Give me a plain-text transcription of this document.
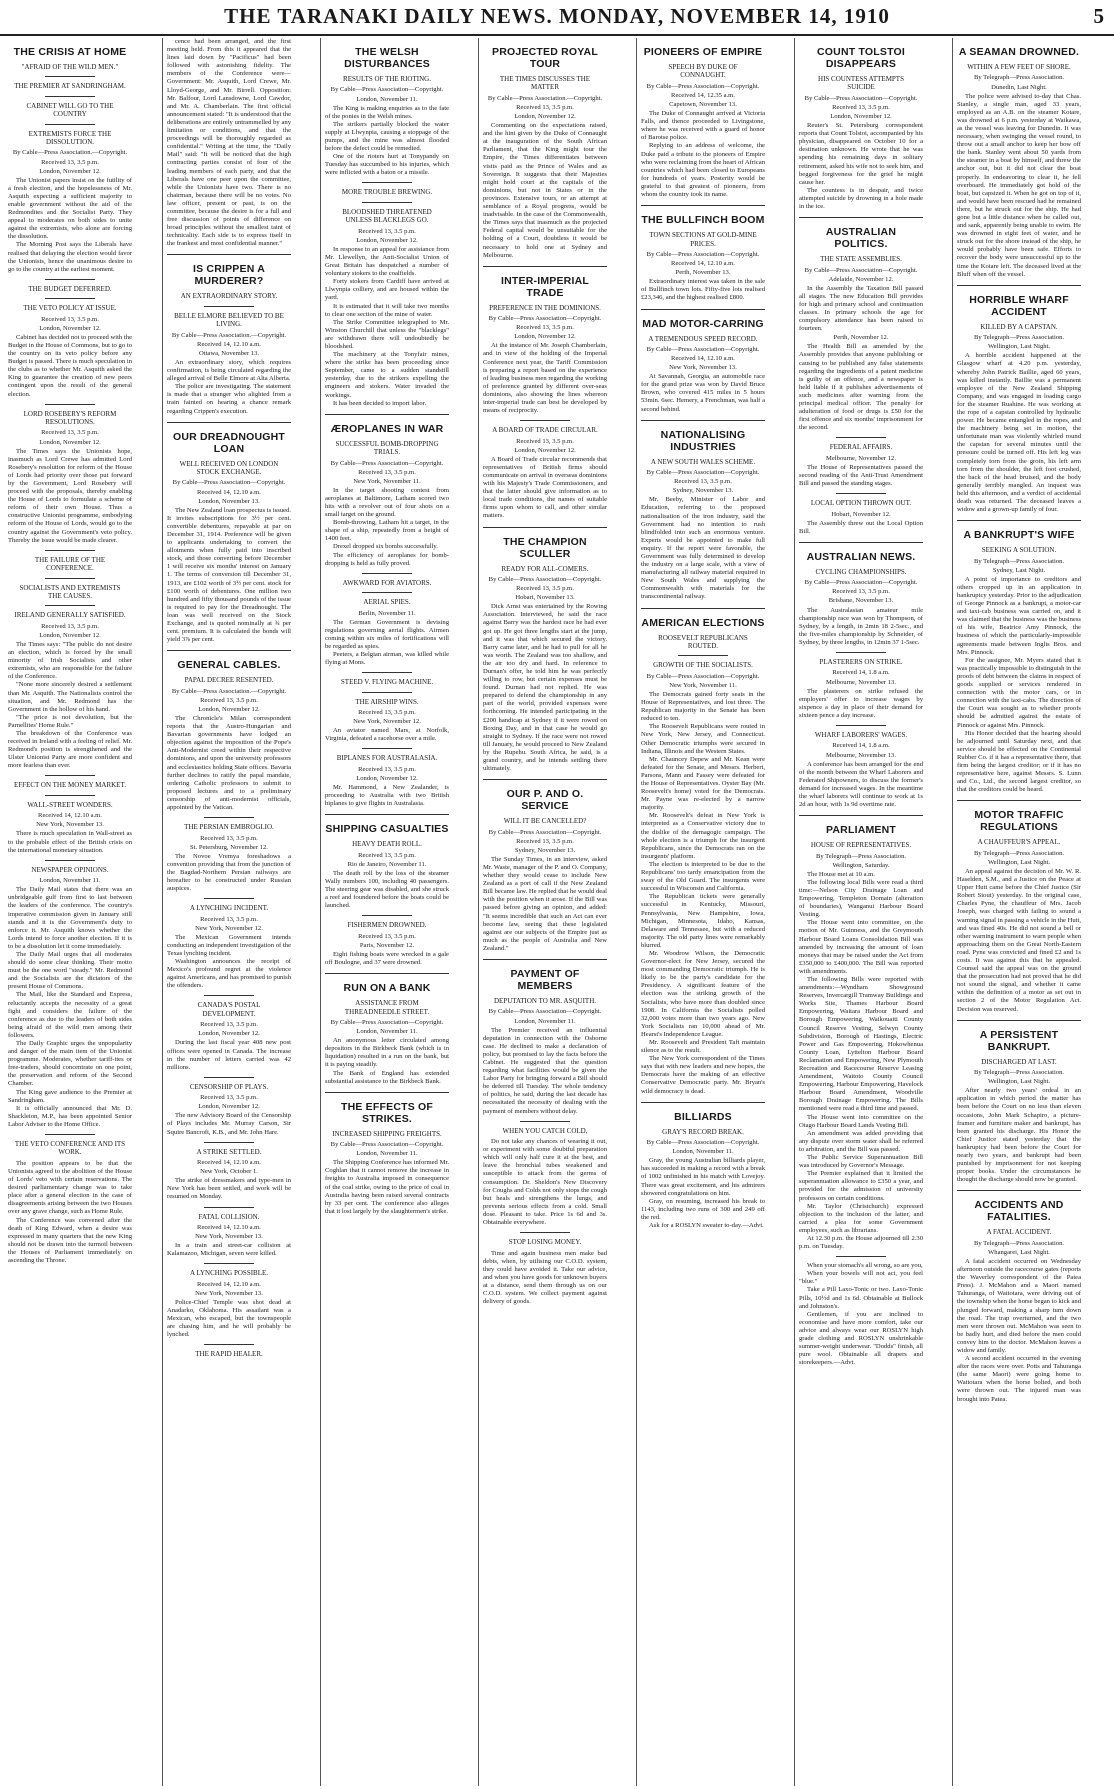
THE TARANAKI DAILY NEWS. MONDAY, NOVEMBER 14, 1910	5
THE CRISIS AT HOME
"AFRAID OF THE WILD MEN."
THE PREMIER AT SANDRINGHAM.
CABINET WILL GO TO THE COUNTRY
EXTREMISTS FORCE THE DISSOLUTION.
By Cable—Press Association.—Copyright.
Received 13, 3.5 p.m.
London, November 12.
The Unionist papers insist on the futility of a fresh election, and the hopelessness of Mr. Asquith expecting a sufficient majority to enable government without the aid of the Redmondites and the Socialist Party. They appeal to moderates on both sides to unite against the extremists, who alone are forcing the dissolution.
The Morning Post says the Liberals have realised that delaying the election would favor the Unionists, hence the unanimous desire to go to the country at the earliest moment.
THE BUDGET DEFERRED.
THE VETO POLICY AT ISSUE.
Received 13, 3.5 p.m.
London, November 12.
Cabinet has decided not to proceed with the Budget in the House of Commons, but to go to the country on its veto policy before any Budget is passed. There is much speculation in the clubs as to whether Mr. Asquith asked the King to guarantee the creation of new peers contingent upon the result of the general election.
LORD ROSEBERY'S REFORM RESOLUTIONS.
Received 13, 3.5 p.m.
London, November 12.
The Times says the Unionists hope, inasmuch as Lord Crewe has admitted Lord Rosebery's resolution for reform of the House of Lords had priority over those put forward by the Government, Lord Rosebery will proceed with the proposals, thereby enabling the House of Lords to formulate a scheme of reform of their own House. Thus a constructive Unionist programme, embodying reform of the House of Lords, would go to the country against the Government's veto policy. Thereby the issue would be made clearer.
THE FAILURE OF THE CONFERENCE.
SOCIALISTS AND EXTREMISTS THE CAUSES.
IRELAND GENERALLY SATISFIED.
Received 13, 3.5 p.m.
London, November 12.
The Times says: "The public do not desire an election, which is forced by the small minority of Irish Socialists and other extremists, who are responsible for the failure of the Conference.
"None more sincerely desired a settlement than Mr. Asquith. The Nationalists control the situation, and Mr. Redmond has the Government in the hollow of his hand.
"The price is not devolution, but the Parnellites' Home Rule."
The breakdown of the Conference was received in Ireland with a feeling of relief. Mr. Redmond's position is strengthened and the Ulster Unionist Party are more confident and more fearless than ever.
EFFECT ON THE MONEY MARKET.
WALL-STREET WONDERS.
Received 14, 12.10 a.m.
New York, November 13.
There is much speculation in Wall-street as to the probable effect of the British crisis on the international monetary situation.
NEWSPAPER OPINIONS.
London, November 11.
The Daily Mail states that there was an unbridgeable gulf from first to last between the leaders of the conference. The country's imperative commission given in January still stands and it is the Government's duty to enforce it. Mr. Asquith knows whether the Lords intend to force another election. If it is to be a dissolution let it come immediately.
The Daily Mail urges that all moderates should do some clear thinking. Their motto must be the one word "steady." Mr. Redmond and the Socialists are the dictators of the present House of Commons.
The Mail, like the Standard and Express, reluctantly accepts the necessity of a great fight and considers the failure of the conference as due to the leaders of both sides being afraid of the wild men among their followers.
The Daily Graphic urges the unpopularity and danger of the main item of the Unionist programme. Moderates, whether tariff-ites or free-traders, should concentrate on one point, the preservation and reform of the Second Chamber.
The King gave audience to the Premier at Sandringham.
It is officially announced that Mr. D. Shackleton, M.P., has been appointed Senior Labor Adviser to the Home Office.
THE VETO CONFERENCE AND ITS WORK.
The position appears to be that the Unionists agreed to the abolition of the House of Lords' veto with certain reservations. The desired parliamentary change was to take place after a general election in the case of disagreements arising between the two Houses over any grave change, such as Home Rule.
The Conference was convened after the death of King Edward, when a desire was expressed in many quarters that the new King should not be drawn into the turmoil between the Houses of Parliament immediately on ascending the Throne.
cence had been arranged, and the first meeting held. From this it appeared that the lines laid down by "Pacificus" had been followed with astonishing fidelity. The members of the Conference were—Government: Mr. Asquith, Lord Crewe, Mr. Lloyd-George, and Mr. Birrell. Opposition: Mr. Balfour, Lord Lansdowne, Lord Cawdor, and Mr. A. Chamberlain. The first official announcement stated: "It is understood that the deliberations are entirely untrammelled by any limitation or conditions, and that the proceedings will be thoroughly regarded as confidential." Writing at the time, the "Daily Mail" said: "It will be noticed that the high contracting parties consist of four of the leading members of each party, and that the Liberals have one peer upon the committee, while the Unionists have two. There is no chairman, because there will be no votes. No law officer, present or past, is on the committee, because the desire is for a full and free discussion of points of difference on broad principles without the smallest taint of technicality. Each side is to express itself in the frankest and most confidential manner."
IS CRIPPEN A MURDERER?
AN EXTRAORDINARY STORY.
BELLE ELMORE BELIEVED TO BE LIVING.
By Cable—Press Association.—Copyright.
Received 14, 12.10 a.m.
Ottawa, November 13.
An extraordinary story, which requires confirmation, is being circulated regarding the alleged arrival of Belle Elmore at Alta Alberta.
The police are investigating. The statement is made that a stranger who alighted from a train fainted on hearing a chance remark regarding Crippen's execution.
OUR DREADNOUGHT LOAN
WELL RECEIVED ON LONDON STOCK EXCHANGE.
By Cable—Press Association—Copyright.
Received 14, 12.10 a.m.
London, November 13.
The New Zealand loan prospectus is issued. It invites subscriptions for 3½ per cent. convertible debentures, repayable at par on December 31, 1914. Preference will be given to applicants undertaking to convert the allotments when fully paid into inscribed stock, and those converting before December 1 will receive six months' interest on January 1. The terms of conversion till December 31, 1913, are £102 worth of 3½ per cent. stock for £100 worth of debentures. One million two hundred and fifty thousand pounds of the issue is required to pay for the Dreadnought. The loan was well received on the Stock Exchange, and is quoted nominally at ¾ per cent. premium. It is calculated the bonds will yield 3⅞ per cent.
GENERAL CABLES.
PAPAL DECREE RESENTED.
By Cable—Press Association.—Copyright.
Received 13, 3.5 p.m.
London, November 12.
The Chronicle's Milan correspondent reports that the Austro-Hungarian and Bavarian governments have lodged an objection against the imposition of the Pope's Anti-Modernist creed within their respective dominions, and upon the university professors and ecclesiastics holding State offices. Bavaria further declines to ratify the papal mandate, ordering Catholic professors to submit to proposed lectures and to a preliminary censorship of anti-modernist officials, appointed by the Vatican.
THE PERSIAN EMBROGLIO.
Received 13, 3.5 p.m.
St. Petersburg, November 12.
The Novoe Vremya foreshadows a convention providing that from the junction of the Bagdad-Northern Persian railways are hereafter to be constructed under Russian auspices.
A LYNCHING INCIDENT.
Received 13, 3.5 p.m.
New York, November 12.
The Mexican Government intends conducting an independent investigation of the Texas lynching incident.
Washington announces the receipt of Mexico's profound regret at the violence against Americans, and has promised to punish the offenders.
CANADA'S POSTAL DEVELOPMENT.
Received 13, 3.5 p.m.
London, November 12.
During the last fiscal year 408 new post offices were opened in Canada. The increase in the number of letters carried was 42 millions.
CENSORSHIP OF PLAYS.
Received 13, 3.5 p.m.
London, November 12.
The new Advisory Board of the Censorship of Plays includes Mr. Murray Carson, Sir Squire Bancroft, K.B., and Mr. John Hare.
A STRIKE SETTLED.
Received 14, 12.10 a.m.
New York, October 1.
The strike of dressmakers and type-men in New York has been settled, and work will be resumed on Monday.
FATAL COLLISION.
Received 14, 12.10 a.m.
New York, November 13.
In a train and street-car collision at Kalamazoo, Michigan, seven were killed.
A LYNCHING POSSIBLE.
Received 14, 12.10 a.m.
New York, November 13.
Police-Chief Temple was shot dead at Anadarko, Oklahoma. His assailant was a Mexican, who escaped, but the townspeople are chasing him, and he will probably be lynched.
THE RAPID HEALER.
THE WELSH DISTURBANCES
RESULTS OF THE RIOTING.
By Cable—Press Association—Copyright.
London, November 11.
The King is making enquiries as to the fate of the ponies in the Welsh mines.
The strikers partially blocked the water supply at Llwynpia, causing a stoppage of the pumps, and the mine was almost flooded before the defect could be remedied.
One of the rioters hurt at Tonypandy on Tuesday has succumbed to his injuries, which were inflicted with a baton or a missile.
MORE TROUBLE BREWING.
BLOODSHED THREATENED UNLESS BLACKLEGS GO.
Received 13, 3.5 p.m.
London, November 12.
In response to an appeal for assistance from Mr. Llewellyn, the Anti-Socialist Union of Great Britain has despatched a number of voluntary stokers to the coalfields.
Forty stokers from Cardiff have arrived at Llwynpia colliery, and are housed within the yard.
It is estimated that it will take two months to clear one section of the mine of water.
The Strike Committee telegraphed to Mr. Winston Churchill that unless the "blacklegs" are withdrawn there will undoubtedly be bloodshed.
The machinery at the Tonyfair mines, where the strike has been proceeding since September, came to a sudden standstill yesterday, due to the strikers expelling the engineers and stokers. Water invaded the workings.
It has been decided to import labor.
ÆROPLANES IN WAR
SUCCESSFUL BOMB-DROPPING TRIALS.
By Cable—Press Association—Copyright.
Received 13, 3.5 p.m.
New York, November 11.
In the target shooting contest from aeroplanes at Baltimore, Latham scored two hits with a revolver out of four shots on a small target on the ground.
Bomb-throwing, Latham hit a target, in the shape of a ship, repeatedly from a height of 1400 feet.
Drexel dropped six bombs successfully.
The efficiency of aeroplanes for bomb-dropping is held as fully proved.
AWKWARD FOR AVIATORS.
AERIAL SPIES.
Berlin, November 11.
The German Government is devising regulations governing aerial flights. Airmen coming within six miles of fortifications will be regarded as spies.
Peeters, a Belgian airman, was killed while flying at Mons.
STEED V. FLYING MACHINE.
THE AIRSHIP WINS.
Received 13, 3.5 p.m.
New York, November 12.
An aviator named Mars, at Norfolk, Virginia, defeated a racehorse over a mile.
BIPLANES FOR AUSTRALASIA.
Received 13, 3.5 p.m.
London, November 12.
Mr. Hammond, a New Zealander, is proceeding to Australia with two British biplanes to give flights in Australasia.
SHIPPING CASUALTIES
HEAVY DEATH ROLL.
Received 13, 3.5 p.m.
Rio de Janeiro, November 11.
The death roll by the loss of the steamer Wally numbers 100, including 40 passengers. The steering gear was disabled, and she struck a reef and foundered before the boats could be launched.
FISHERMEN DROWNED.
Received 13, 3.5 p.m.
Paris, November 12.
Eight fishing boats were wrecked in a gale off Boulogne, and 37 were drowned.
RUN ON A BANK
ASSISTANCE FROM THREADNEEDLE STREET.
By Cable—Press Association—Copyright.
London, November 11.
An anonymous letter circulated among depositors in the Birkbeck Bank (which is in liquidation) resulted in a run on the bank, but it is paying steadily.
The Bank of England has extended substantial assistance to the Birkbeck Bank.
THE EFFECTS OF STRIKES.
INCREASED SHIPPING FREIGHTS.
By Cable—Press Association—Copyright.
London, November 11.
The Shipping Conference has informed Mr. Coghlan that it cannot remove the increase in freights to Australia imposed in consequence of the coal strike, owing to the price of coal in Australia having been raised several contracts by 33 per cent. The conference also alleges that it lost largely by the slaughtermen's strike.
PROJECTED ROYAL TOUR
THE TIMES DISCUSSES THE MATTER
By Cable—Press Association.—Copyright.
Received 13, 3.5 p.m.
London, November 12.
Commenting on the expectations raised, and the hint given by the Duke of Connaught at the inauguration of the South African Parliament, that the King might tour the Empire, the Times differentiates between visits paid as the Prince of Wales and as Sovereign. It suggests that their Majesties might hold court at the capitals of the dominions, but not in States or in the provinces. Extensive tours, or an attempt at semblance of a Royal progress, would be inadvisable. In the case of the Commonwealth, the Times says that inasmuch as the projected Federal capital would be unsuitable for the holding of a Court, doubtless it would be necessary to hold one at Sydney and Melbourne.
INTER-IMPERIAL TRADE
PREFERENCE IN THE DOMINIONS.
By Cable—Press Association—Copyright.
Received 13, 3.5 p.m.
London, November 12.
At the instance of Mr. Joseph Chamberlain, and in view of the holding of the Imperial Conference next year, the Tariff Commission is preparing a report based on the experience of leading business men regarding the working of preference granted by different over-seas dominions, also showing the lines whereon inter-imperial trade can best be developed by means of reciprocity.
A BOARD OF TRADE CIRCULAR.
Received 13, 3.5 p.m.
London, November 12.
A Board of Trade circular recommends that representatives of British firms should communicate on arrival in overseas dominions with his Majesty's Trade Commissioners, and that the latter should give information as to local trade conditions, the names of suitable firms upon whom to call, and other similar matters.
THE CHAMPION SCULLER
READY FOR ALL-COMERS.
By Cable—Press Association—Copyright.
Received 13, 3.5 p.m.
Hobart, November 13.
Dick Arnst was entertained by the Rowing Association. Interviewed, he said the race against Barry was the hardest race he had ever got up. He got three lengths start at the jump, and it was that which secured the victory. Barry came later, and he had to pull for all he was worth. The Zealand was too shallow, and the air too dry and hard. In reference to Durnan's offer, he told him he was perfectly willing to row, but certain expenses must be found. Durnan had not replied. He was prepared to defend the championship in any part of the world, provided expenses were forthcoming. He intended participating in the £200 handicap at Sydney if it were rowed on Boxing Day, and in that case he would go straight to Sydney. If the race were not rowed till January, he would proceed to New Zealand by the Rupehu. South Africa, he said, is a grand country, and he intends settling there ultimately.
OUR P. AND O. SERVICE
WILL IT BE CANCELLED?
By Cable—Press Association—Copyright.
Received 13, 3.5 p.m.
Sydney, November 13.
The Sunday Times, in an interview, asked Mr. Waste, manager of the P. and O. Company, whether they would cease to include New Zealand as a port of call if the New Zealand Bill became law. He replied that he would deal with the position when it arose. If the Bill was passed before giving an opinion, and added: "It seems incredible that such an Act can ever become law, seeing that these legislated against are our subjects of the Empire just as much as the people of Australia and New Zealand."
PAYMENT OF MEMBERS
DEPUTATION TO MR. ASQUITH.
By Cable—Press Association—Copyright.
London, November 11.
The Premier received an influential deputation in connection with the Osborne case. He declined to make a declaration of policy, but promised to lay the facts before the Cabinet. He suggested that the question regarding what facilities would be given the Labor Party for bringing forward a Bill should be deferred till Tuesday. The whole tendency of politics, he said, during the last decade has necessitated the necessity of dealing with the payment of members without delay.
WHEN YOU CATCH COLD,
Do not take any chances of wearing it out, or experiment with some doubtful preparation which will only half cure it at the best, and leave the bronchial tubes weakened and susceptible to attack from the germs of consumption. Dr. Sheldon's New Discovery for Coughs and Colds not only stops the cough but heals and strengthens the lungs, and prevents serious effects from a cold. Small dose. Pleasant to take. Price 1s 6d and 3s. Obtainable everywhere.
STOP LOSING MONEY.
Time and again business men make bad debts, when, by utilising our C.O.D. system, they could have avoided it. Take our advice, and when you have goods for unknown buyers at a distance, send them through us on our C.O.D. system. We collect payment against delivery of goods.
PIONEERS OF EMPIRE
SPEECH BY DUKE OF CONNAUGHT.
By Cable—Press Association—Copyright.
Received 14, 12.35 a.m.
Capetown, November 13.
The Duke of Connaught arrived at Victoria Falls, and thence proceeded to Livingstone, where he was received with a guard of honor of Barotse police.
Replying to an address of welcome, the Duke paid a tribute to the pioneers of Empire who were reclaiming from the heart of African countries which had been closed to Europeans for hundreds of years. Posterity would be grateful to that greatest of pioneers, from whom the country took its name.
THE BULLFINCH BOOM
TOWN SECTIONS AT GOLD-MINE PRICES.
By Cable—Press Association—Copyright.
Received 14, 12.10 a.m.
Perth, November 13.
Extraordinary interest was taken in the sale of Bullfinch town lots. Fifty-five lots realised £23,346, and the highest realised £800.
MAD MOTOR-CARRING
A TREMENDOUS SPEED RECORD.
By Cable—Press Association—Copyright.
Received 14, 12.10 a.m.
New York, November 13.
At Savannah, Georgia, an automobile race for the grand prize was won by David Bruce Brown, who covered 415 miles in 5 hours 53min. 6sec. Hemery, a Frenchman, was half a second behind.
NATIONALISING INDUSTRIES
A NEW SOUTH WALES SCHEME.
By Cable—Press Association—Copyright.
Received 13, 3.5 p.m.
Sydney, November 13.
Mr. Beeby, Minister of Labor and Education, referring to the proposed nationalisation of the iron industry, said the Government had no intention to rush blindfolded into such an enormous venture. Experts would be appointed to make full enquiry. If the report were favorable, the Government was fully determined to develop the industry on a large scale, with a view of manufacturing all railway material required in New South Wales and supplying the Commonwealth with materials for the transcontinental railway.
AMERICAN ELECTIONS
ROOSEVELT REPUBLICANS ROUTED.
GROWTH OF THE SOCIALISTS.
By Cable—Press Association—Copyright.
New York, November 11.
The Democrats gained forty seats in the House of Representatives, and lost three. The Republican majority in the Senate has been reduced to ten.
The Roosevelt Republicans were routed in New York, New Jersey, and Connecticut. Other Democratic triumphs were secured in Indiana, Illinois and the Western States.
Mr. Chauncey Depew and Mr. Kean were defeated for the Senate, and Messrs. Herbert, Parsons, Mann and Fassey were defeated for the House of Representatives. Oyster Bay (Mr. Roosevelt's home) voted for the Democrats. Mr. Payne was re-elected by a narrow majority.
Mr. Roosevelt's defeat in New York is interpreted as a Conservative victory due to the dislike of the demagogic campaign. The whole election is a triumph for the insurgent Republicans, since the Democrats ran on the insurgents' platform.
The election is interpreted to be due to the Republicans' too tardy emancipation from the sway of the Old Guard. The insurgents were successful in Wisconsin and California.
The Republican tickets were generally successful in Kentucky, Missouri, Pennsylvania, New Hampshire, Iowa, Michigan, Minnesota, Idaho, Kansas, Delaware and Tennessee, but with a reduced majority. The old party lines were remarkably blurred.
Mr. Woodrow Wilson, the Democratic Governor-elect for New Jersey, secured the most commanding Democratic triumph. He is likely to be the party's candidate for the Presidency. A significant feature of the election was the striking growth of the Socialists, who have more than doubled since 1908. In California the Socialists polled 32,000 votes more than two years ago. New York Socialists ran 10,000 ahead of Mr. Hearst's Independence League.
Mr. Roosevelt and President Taft maintain silence as to the result.
The New York correspondent of the Times says that with new leaders and new hopes, the Democrats have the making of an effective Conservative Democratic party. Mr. Bryan's wild democracy is dead.
BILLIARDS
GRAY'S RECORD BREAK.
By Cable—Press Association—Copyright.
London, November 11.
Gray, the young Australian billiards player, has succeeded in making a record with a break of 1002 unfinished in his match with Lovejoy. There was great excitement, and his admirers showered congratulations on him.
Gray, on resuming, increased his break to 1143, including two runs of 300 and 249 off the red.
Ask for a ROSLYN sweater to-day.—Advt.
COUNT TOLSTOI DISAPPEARS
HIS COUNTESS ATTEMPTS SUICIDE
By Cable—Press Association—Copyright.
Received 13, 3.5 p.m.
London, November 12.
Reuter's St. Petersburg correspondent reports that Count Tolstoi, accompanied by his physician, disappeared on October 10 for a destination unknown. He wrote that he was spending his remaining days in solitary retirement, asked his wife not to seek him, and begged forgiveness for the grief he might cause her.
The countess is in despair, and twice attempted suicide by drowning in a hole made in the ice.
AUSTRALIAN POLITICS.
THE STATE ASSEMBLIES.
By Cable—Press Association—Copyright.
Adelaide, November 12.
In the Assembly the Taxation Bill passed all stages. The new Education Bill provides for high and primary school and continuation classes. In primary schools the age for compulsory attendance has been raised to fourteen.
Perth, November 12.
The Health Bill as amended by the Assembly provides that anyone publishing or causing to be published any false statements regarding the ingredients of a patent medicine is guilty of an offence, and a newspaper is held liable if it publishes advertisements of such medicines after warning from the principal medical officer. The penalty for adulteration of food or drugs is £50 for the first offence and six months' imprisonment for the second.
FEDERAL AFFAIRS.
Melbourne, November 12.
The House of Representatives passed the second reading of the Anti-Trust Amendment Bill and passed the standing stages.
LOCAL OPTION THROWN OUT.
Hobart, November 12.
The Assembly threw out the Local Option Bill.
AUSTRALIAN NEWS.
CYCLING CHAMPIONSHIPS.
By Cable—Press Association—Copyright.
Received 13, 3.5 p.m.
Brisbane, November 13.
The Australasian amateur mile championship race was won by Thompson, of Sydney, by a length, in 2min 18 2-5sec., and the five-miles championship by Schneider, of Sydney, by three lengths, in 12min 37 1-5sec.
PLASTERERS ON STRIKE.
Received 14, 1.8 a.m.
Melbourne, November 13.
The plasterers on strike refused the employers' offer to increase wages by sixpence a day in place of their demand for sixteen pence a day increase.
WHARF LABORERS' WAGES.
Received 14, 1.8 a.m.
Melbourne, November 13.
A conference has been arranged for the end of the month between the Wharf Laborers and Federated Shipowners, to discuss the former's demand for increased wages. In the meantime the wharf laborers will continue to work at 1s 2d an hour, with 1s 9d overtime rate.
PARLIAMENT
HOUSE OF REPRESENTATIVES.
By Telegraph—Press Association.
Wellington, Saturday.
The House met at 10 a.m.
The following local Bills were read a third time:—Nelson City Drainage Loan and Empowering, Templeton Domain (alteration of boundaries), Wanganui Harbour Board Vesting.
The House went into committee, on the motion of Mr. Guinness, and the Greymouth Harbour Board Loans Consolidation Bill was amended by increasing the amount of loan moneys that may be raised under the Act from £350,000 to £400,000. The Bill was reported with amendments.
The following Bills were reported with amendments:—Wyndham Showground Reserves, Invercargill Tramway Buildings and Works Site, Thames Harbour Board Empowering, Waitara Harbour Board and Borough Empowering, Waikouaiti County Council Reserve Vesting, Selwyn County Subdivision, Borough of Hastings, Electric Power and Gas Empowering, Hokowhenua County Loan, Lyttelton Harbour Board Reclamation and Empowering, New Plymouth Recreation and Racecourse Reserve Leasing Amendment, Waitoto County Council Empowering, Harbour Empowering, Havelock Harbour Board Amendment, Woodville Borough Drainage Empowering. The Bills mentioned were read a third time and passed.
The House went into committee on the Otago Harbour Board Lands Vesting Bill.
An amendment was added providing that any dispute over storm water shall be referred to arbitration, and the Bill was passed.
The Public Service Superannuation Bill was introduced by Governor's Message.
The Premier explained that it limited the superannuation allowance to £350 a year, and provided for the admission of university professors on certain conditions.
Mr. Taylor (Christchurch) expressed objection to the inclusion of the latter, and carried a plea for some Government employees, such as librarians.
At 12.30 p.m. the House adjourned till 2.30 p.m. on Tuesday.
When your stomach's all wrong, so are you,
When your bowels will not act, you feel "blue."
Take a Pill Laxo-Tonic or two. Laxo-Tonic Pills, 10½d and 1s 6d. Obtainable at Bullock and Johnston's.
Gentlemen, if you are inclined to economise and have more comfort, take our advice and always wear our ROSLYN high grade clothing and ROSLYN unshrinkable summer-weight underwear. "Dodds" finish, all pure wool. Obtainable all drapers and storekeepers.—Advt.
A SEAMAN DROWNED.
WITHIN A FEW FEET OF SHORE.
By Telegraph—Press Association.
Dunedin, Last Night.
The police were advised to-day that Chas. Stanley, a single man, aged 33 years, employed as an A.B. on the steamer Kotare, was drowned at 6 p.m. yesterday at Waikawa, as the vessel was leaving for Dunedin. It was necessary, when swinging the vessel round, to throw out a small anchor to keep her bow off the bank. Stanley went about 50 yards from the steamer in a boat by himself, and threw the anchor out, but it did not clear the boat properly. In endeavoring to clear it, he fell overboard. He immediately got hold of the boat, but capsized it. When he got on top of it, and would have been rescued had he remained there, but he struck out for the ship. He had gone but a little distance when he called out, and sank, apparently being unable to swim. He was drowned in eight feet of water, and he struck out for the shore instead of the ship, he would probably have been safe. Efforts to recover the body were unsuccessful up to the time the Kotare left. The deceased lived at the Bluff when off the vessel.
HORRIBLE WHARF ACCIDENT
KILLED BY A CAPSTAN.
By Telegraph—Press Association.
Wellington, Last Night.
A horrible accident happened at the Glasgow wharf at 4.20 p.m. yesterday, whereby John Patrick Baillie, aged 60 years, was killed instantly. Baillie was a permanent employee of the New Zealand Shipping Company, and was engaged in loading cargo for the steamer Ruahine. He was working at the rope of a capstan controlled by hydraulic power. He became entangled in the ropes, and the machinery being set in motion, the unfortunate man was violently whirled round the capstan for several minutes until the pressure could be turned off. His left leg was completely torn from the groin, his left arm torn from the shoulder, the left foot crushed, the back of the head bruised, and the body generally terribly mangled. An inquest was held this afternoon, and a verdict of accidental death was returned. The deceased leaves a widow and a grown-up family of four.
A BANKRUPT'S WIFE
SEEKING A SOLUTION.
By Telegraph—Press Association.
Sydney, Last Night.
A point of importance to creditors and others cropped up in an application in bankruptcy yesterday. Prior to the adjudication of George Pinnock as a bankrupt, a motor-car and taxi-cab business was carried on, and it was claimed that the business was the business of his wife, Beatrice Amy Pinnock, the business of which the particularly-impossible agreements made between Inglis Bros. and Mrs. Pinnock.
For the assignee, Mr. Myers stated that it was practically impossible to distinguish in the proofs of debt between the claims in respect of goods supplied or services rendered in connection with the motor cars, or in connection with the taxi-cabs. The direction of the Court was sought as to whether proofs should be admitted against the estate of Pinnock or against Mrs. Pinnock.
His Honor decided that the hearing should be adjourned until Saturday next, and that service should be effected on the Continental Rubber Co. if it has a representative there, that firm being the largest creditor; or if it has no representative here, against Messrs. S. Lunn and Co., Ltd., the second largest creditor, so that the creditors could be heard.
MOTOR TRAFFIC REGULATIONS
A CHAUFFEUR'S APPEAL.
By Telegraph—Press Association.
Wellington, Last Night.
An appeal against the decision of Mr. W. R. Haselden, S.M., and a Justice on the Peace at Upper Hutt came before the Chief Justice (Sir Robert Stout) yesterday. In the original case, Charles Pyne, the chauffeur of Mrs. Jacob Joseph, was charged with failing to sound a warning signal in passing a vehicle in the Hutt, and was fined 40s. He did not sound a bell or other warning instrument to warn people when approaching them on the Great North-Eastern road. Pyne was convicted and fined £2 and 1s costs. It was against this that he appealed. Counsel said the appeal was on the ground that the prosecution had not proved that he did not sound the signal, and whether it came within the definition of a motor as set out in section 2 of the Motor Regulation Act. Decision was reserved.
A PERSISTENT BANKRUPT.
DISCHARGED AT LAST.
By Telegraph—Press Association.
Wellington, Last Night.
After nearly two years' ordeal in an application in which period the matter has been before the Court on no less than eleven occasions, John Mark Schapiro, a picture-framer and furniture maker and bankrupt, has been granted his discharge. His Honor the Chief Justice stated yesterday that the bankruptcy had been before the Court for nearly two years, and bankrupt had been punished by imprisonment for not keeping proper books. Under the circumstances he thought the discharge should now be granted.
ACCIDENTS AND FATALITIES.
A FATAL ACCIDENT.
By Telegraph—Press Association.
Whangarei, Last Night.
A fatal accident occurred on Wednesday afternoon outside the racecourse gates (reports the Waverley correspondent of the Patea Press). J. McMahon and a Maori named Tahuranga, of Waitotara, were driving out of the township when the horse began to kick and plunged forward, making a sharp turn down the road. The trap overturned, and the two men were thrown out. McMahon was seen to be badly hurt, and died before the men could convey him to the doctor. McMahon leaves a widow and family.
A second accident occurred in the evening after the races were over. Potts and Tahuranga (the same Maori) were going home to Waitotara when the horse bolted, and both were thrown out. The injured man was brought into Patea.
